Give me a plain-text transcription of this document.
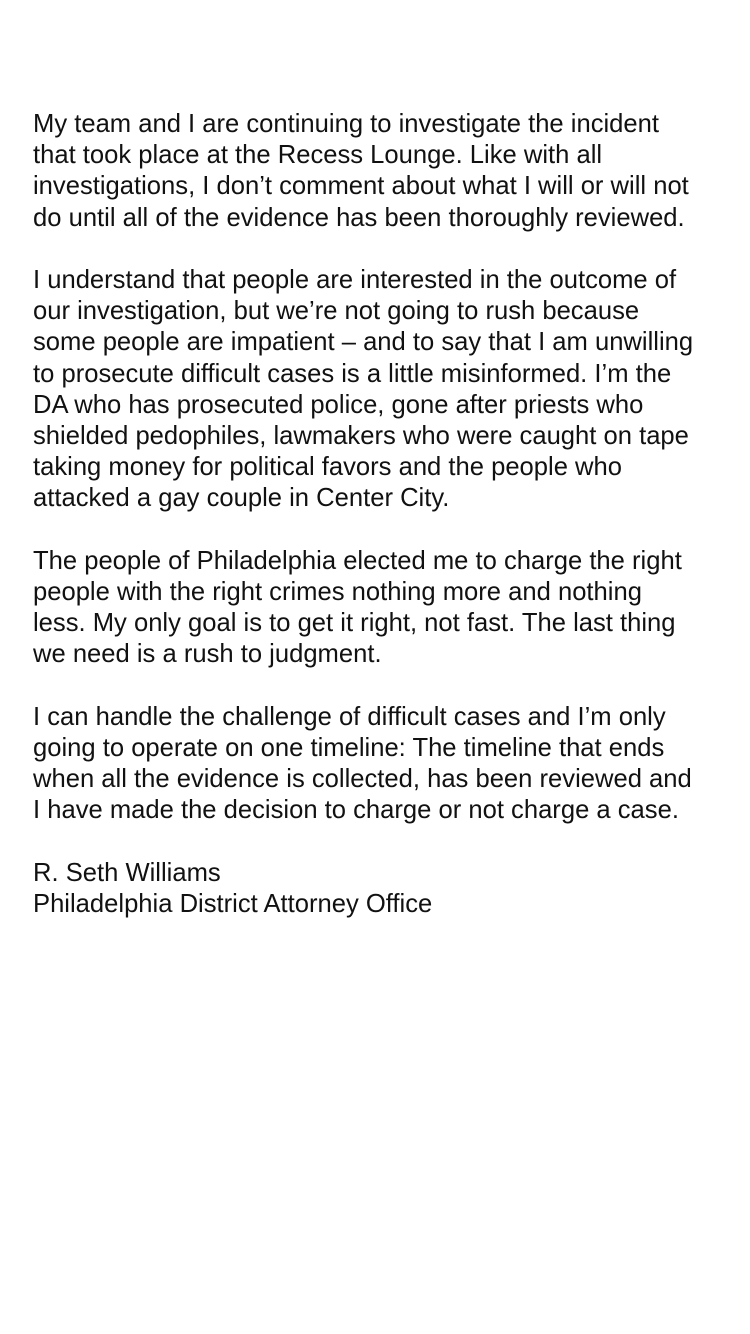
My team and I are continuing to investigate the incident
that took place at the Recess Lounge. Like with all
investigations, I don’t comment about what I will or will not
do until all of the evidence has been thoroughly reviewed.

I understand that people are interested in the outcome of
our investigation, but we’re not going to rush because
some people are impatient – and to say that I am unwilling
to prosecute difficult cases is a little misinformed. I’m the
DA who has prosecuted police, gone after priests who
shielded pedophiles, lawmakers who were caught on tape
taking money for political favors and the people who
attacked a gay couple in Center City.

The people of Philadelphia elected me to charge the right
people with the right crimes nothing more and nothing
less. My only goal is to get it right, not fast. The last thing
we need is a rush to judgment.

I can handle the challenge of difficult cases and I’m only
going to operate on one timeline: The timeline that ends
when all the evidence is collected, has been reviewed and
I have made the decision to charge or not charge a case.

R. Seth Williams
Philadelphia District Attorney Office
